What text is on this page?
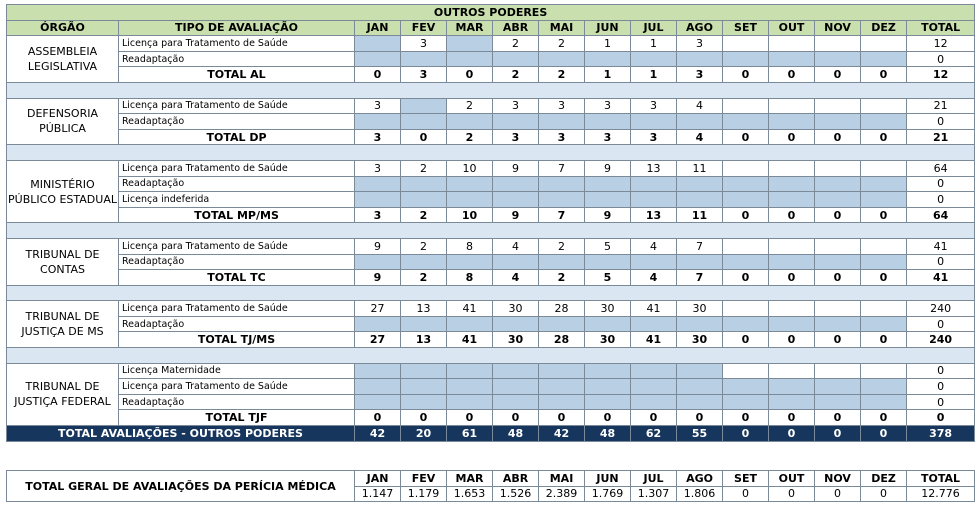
OUTROS PODERES														
ÓRGÃO	TIPO DE AVALIAÇÃO	JAN	FEV	MAR	ABR	MAI	JUN	JUL	AGO	SET	OUT	NOV	DEZ	TOTAL
ASSEMBLEIA LEGISLATIVA	Licença para Tratamento de Saúde		3		2	2	1	1	3					12
	Readaptação													0
	TOTAL AL	0	3	0	2	2	1	1	3	0	0	0	0	12

DEFENSORIA PÚBLICA	Licença para Tratamento de Saúde	3		2	3	3	3	3	4					21
	Readaptação													0
	TOTAL DP	3	0	2	3	3	3	3	4	0	0	0	0	21

MINISTÉRIO PÚBLICO ESTADUAL	Licença para Tratamento de Saúde	3	2	10	9	7	9	13	11					64
	Readaptação													0
	Licença indeferida													0
	TOTAL MP/MS	3	2	10	9	7	9	13	11	0	0	0	0	64

TRIBUNAL DE CONTAS	Licença para Tratamento de Saúde	9	2	8	4	2	5	4	7					41
	Readaptação													0
	TOTAL TC	9	2	8	4	2	5	4	7	0	0	0	0	41

TRIBUNAL DE JUSTIÇA DE MS	Licença para Tratamento de Saúde	27	13	41	30	28	30	41	30					240
	Readaptação													0
	TOTAL TJ/MS	27	13	41	30	28	30	41	30	0	0	0	0	240

TRIBUNAL DE JUSTIÇA FEDERAL	Licença Maternidade													0
	Licença para Tratamento de Saúde													0
	Readaptação													0
	TOTAL TJF	0	0	0	0	0	0	0	0	0	0	0	0	0
TOTAL AVALIAÇÕES - OUTROS PODERES		42	20	61	48	42	48	62	55	0	0	0	0	378
TOTAL GERAL DE AVALIAÇÕES DA PERÍCIA MÉDICA	JAN	FEV	MAR	ABR	MAI	JUN	JUL	AGO	SET	OUT	NOV	DEZ	TOTAL
	1.147	1.179	1.653	1.526	2.389	1.769	1.307	1.806	0	0	0	0	12.776
